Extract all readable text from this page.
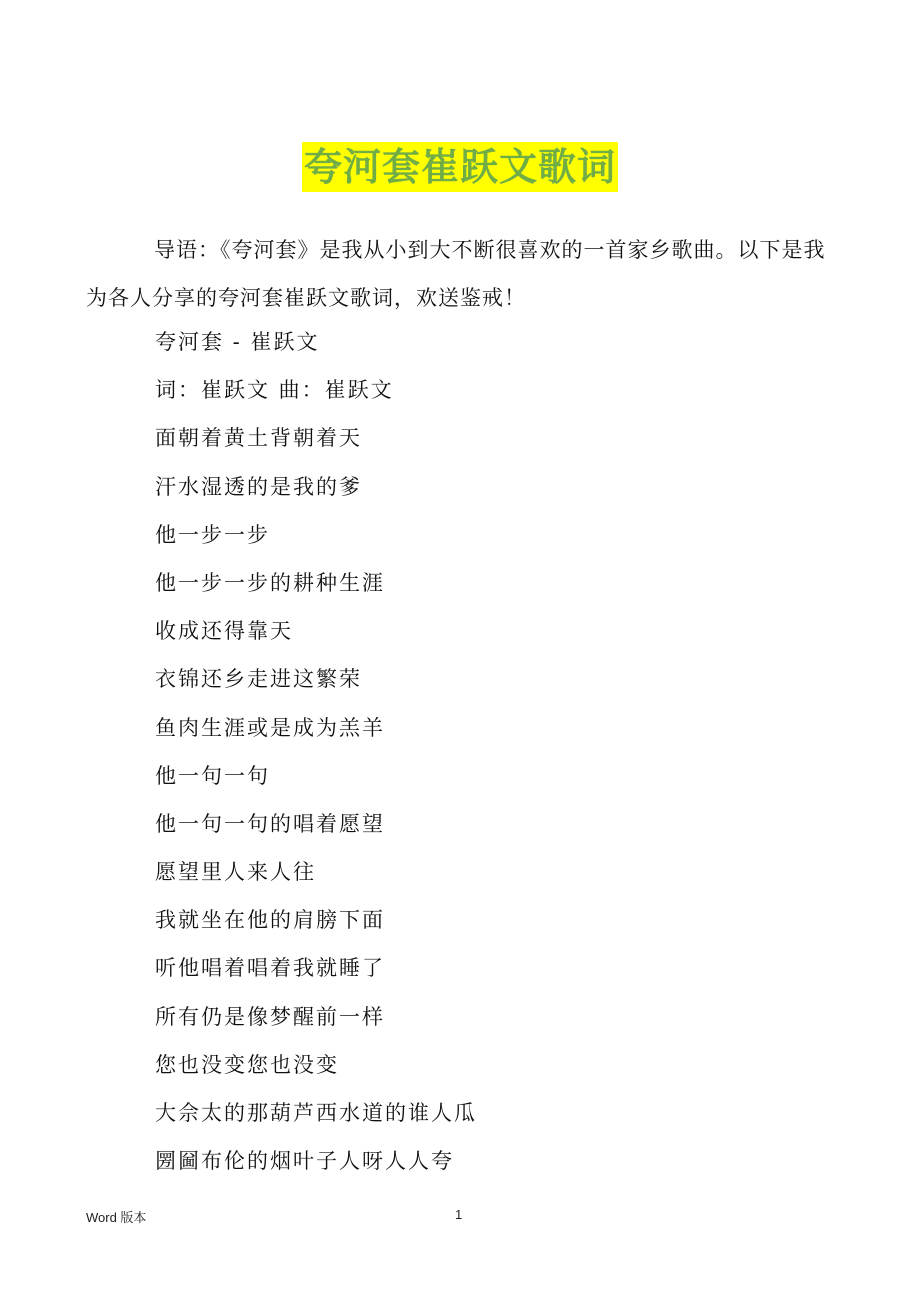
夸河套崔跃文歌词
导语：《夸河套》是我从小到大不断很喜欢的一首家乡歌曲。以下是我为各人分享的夸河套崔跃文歌词，欢送鉴戒！
夸河套 - 崔跃文
词：崔跃文 曲：崔跃文
面朝着黄土背朝着天
汗水湿透的是我的爹
他一步一步
他一步一步的耕种生涯
收成还得靠天
衣锦还乡走进这繁荣
鱼肉生涯或是成为羔羊
他一句一句
他一句一句的唱着愿望
愿望里人来人往
我就坐在他的肩膀下面
听他唱着唱着我就睡了
所有仍是像梦醒前一样
您也没变您也没变
大佘太的那葫芦西水道的谁人瓜
圐圙布伦的烟叶子人呀人人夸
Word 版本	1
